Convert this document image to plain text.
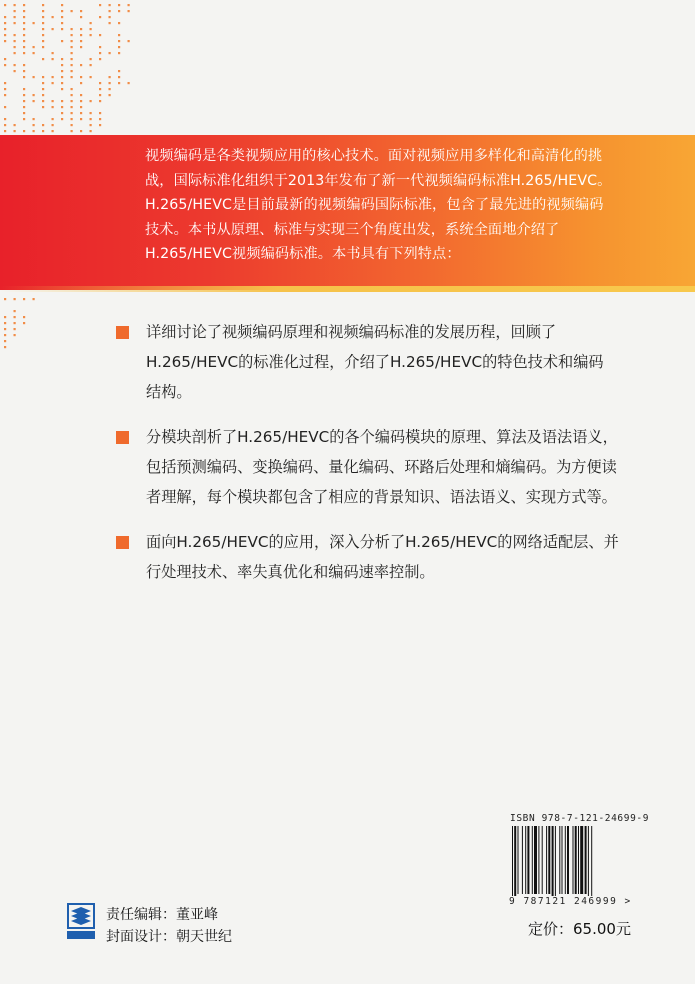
视频编码是各类视频应用的核心技术。面对视频应用多样化和高清化的挑

战，国际标准化组织于2013年发布了新一代视频编码标准H.265/HEVC。

H.265/HEVC是目前最新的视频编码国际标准，包含了最先进的视频编码

技术。本书从原理、标准与实现三个角度出发，系统全面地介绍了

H.265/HEVC视频编码标准。本书具有下列特点：

详细讨论了视频编码原理和视频编码标准的发展历程，回顾了

H.265/HEVC的标准化过程，介绍了H.265/HEVC的特色技术和编码

结构。

分模块剖析了H.265/HEVC的各个编码模块的原理、算法及语法语义，

包括预测编码、变换编码、量化编码、环路后处理和熵编码。为方便读

者理解，每个模块都包含了相应的背景知识、语法语义、实现方式等。

面向H.265/HEVC的应用，深入分析了H.265/HEVC的网络适配层、并

行处理技术、率失真优化和编码速率控制。

ISBN 978-7-121-24699-9
9 787121 246999 >
定价：65.00元

责任编辑：董亚峰

封面设计：朝天世纪
